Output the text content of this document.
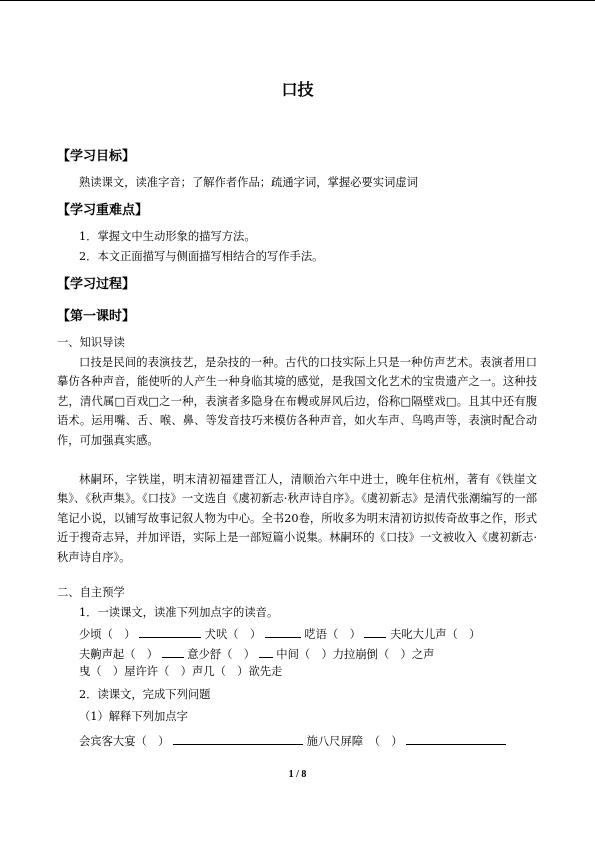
口技
【学习目标】
熟读课文，读准字音；了解作者作品；疏通字词，掌握必要实词虚词
【学习重难点】
1．掌握文中生动形象的描写方法。
2．本文正面描写与侧面描写相结合的写作手法。
【学习过程】
【第一课时】
一、知识导读
口技是民间的表演技艺，是杂技的一种。古代的口技实际上只是一种仿声艺术。表演者用口摹仿各种声音，能使听的人产生一种身临其境的感觉，是我国文化艺术的宝贵遗产之一。这种技艺，清代属□百戏□之一种，表演者多隐身在布幔或屏风后边，俗称□隔壁戏□。且其中还有腹语术。运用嘴、舌、喉、鼻、等发音技巧来模仿各种声音，如火车声、鸟鸣声等，表演时配合动作，可加强真实感。
林嗣环，字铁崖，明末清初福建晋江人，清顺治六年中进士，晚年住杭州，著有《铁崖文集》、《秋声集》。《口技》一文选自《虞初新志·秋声诗自序》。《虞初新志》是清代张潮编写的一部笔记小说，以铺写故事记叙人物为中心。全书20卷，所收多为明末清初访拟传奇故事之作，形式近于搜奇志异，并加评语，实际上是一部短篇小说集。林嗣环的《口技》一文被收入《虞初新志·秋声诗自序》。
二、自主预学
1．一读课文，读准下列加点字的读音。
少顷（　）	犬吠（　）	呓语（　）	夫叱大儿声（　）
夫齁声起（　）	意少舒（　） 中间（　）力拉崩倒（　）之声
曳（　）屋许许（　）声几（　）欲先走
2．读课文，完成下列问题
（1）解释下列加点字
会宾客大宴（　）	施八尺屏障　（　）
1 / 8
